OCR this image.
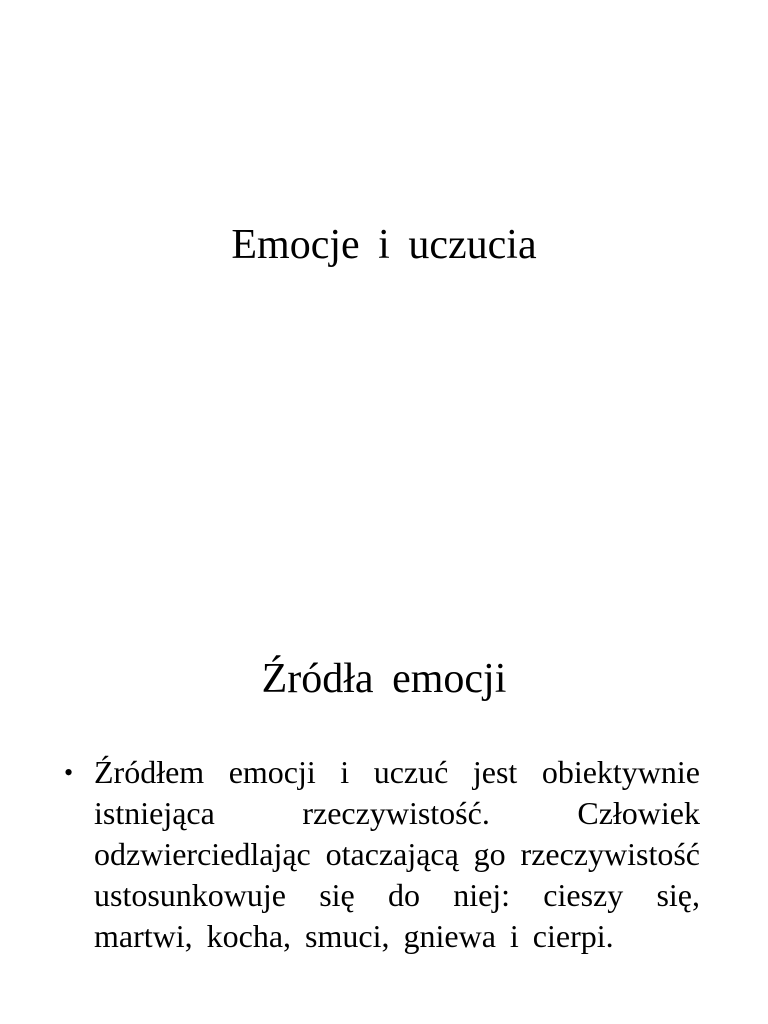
Emocje i uczucia
Źródła emocji
• Źródłem emocji i uczuć jest obiektywnie istniejąca rzeczywistość. Człowiek odzwierciedlając otaczającą go rzeczywistość ustosunkowuje się do niej: cieszy się, martwi, kocha, smuci, gniewa i cierpi.
